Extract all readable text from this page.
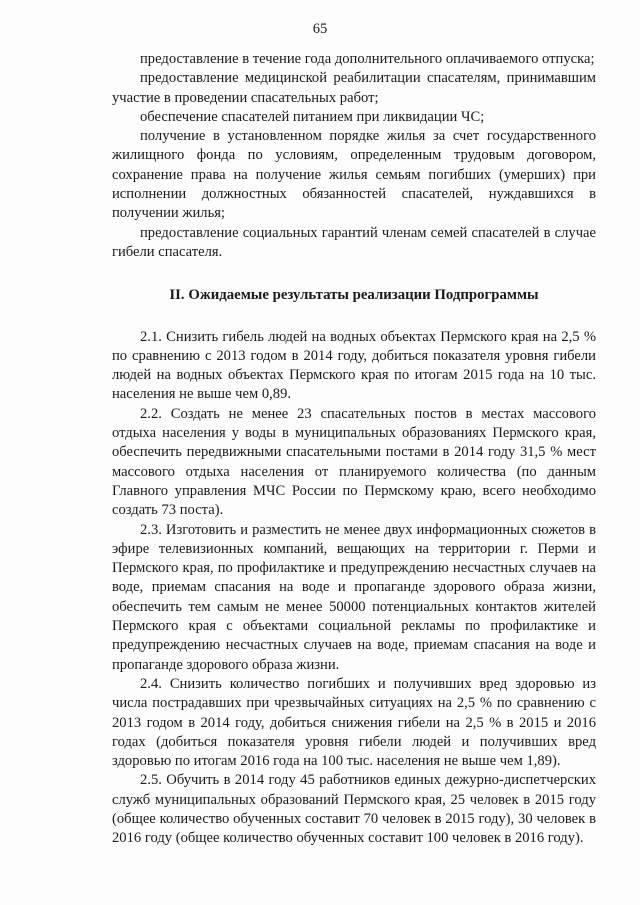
65

предоставление в течение года дополнительного оплачиваемого отпуска;

предоставление медицинской реабилитации спасателям, принимавшим участие в проведении спасательных работ;

обеспечение спасателей питанием при ликвидации ЧС;

получение в установленном порядке жилья за счет государственного жилищного фонда по условиям, определенным трудовым договором, сохранение права на получение жилья семьям погибших (умерших) при исполнении должностных обязанностей спасателей, нуждавшихся в получении жилья;

предоставление социальных гарантий членам семей спасателей в случае гибели спасателя.

II. Ожидаемые результаты реализации Подпрограммы

2.1. Снизить гибель людей на водных объектах Пермского края на 2,5 % по сравнению с 2013 годом в 2014 году, добиться показателя уровня гибели людей на водных объектах Пермского края по итогам 2015 года на 10 тыс. населения не выше чем 0,89.

2.2. Создать не менее 23 спасательных постов в местах массового отдыха населения у воды в муниципальных образованиях Пермского края, обеспечить передвижными спасательными постами в 2014 году 31,5 % мест массового отдыха населения от планируемого количества (по данным Главного управления МЧС России по Пермскому краю, всего необходимо создать 73 поста).

2.3. Изготовить и разместить не менее двух информационных сюжетов в эфире телевизионных компаний, вещающих на территории г. Перми и Пермского края, по профилактике и предупреждению несчастных случаев на воде, приемам спасания на воде и пропаганде здорового образа жизни, обеспечить тем самым не менее 50000 потенциальных контактов жителей Пермского края с объектами социальной рекламы по профилактике и предупреждению несчастных случаев на воде, приемам спасания на воде и пропаганде здорового образа жизни.

2.4. Снизить количество погибших и получивших вред здоровью из числа пострадавших при чрезвычайных ситуациях на 2,5 % по сравнению с 2013 годом в 2014 году, добиться снижения гибели на 2,5 % в 2015 и 2016 годах (добиться показателя уровня гибели людей и получивших вред здоровью по итогам 2016 года на 100 тыс. населения не выше чем 1,89).

2.5. Обучить в 2014 году 45 работников единых дежурно-диспетчерских служб муниципальных образований Пермского края, 25 человек в 2015 году (общее количество обученных составит 70 человек в 2015 году), 30 человек в 2016 году (общее количество обученных составит 100 человек в 2016 году).
